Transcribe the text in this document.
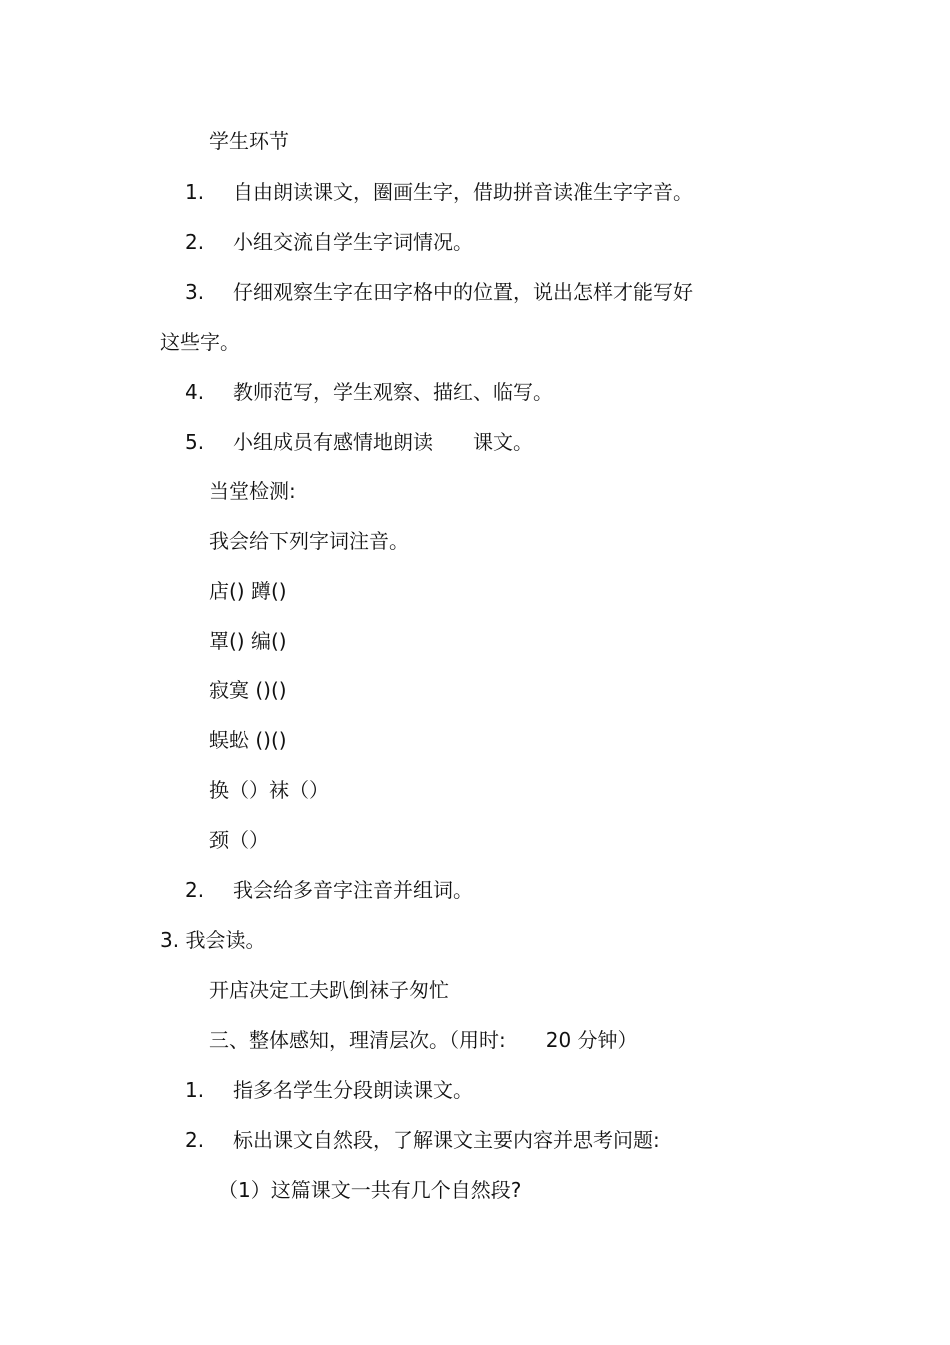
学生环节
1. 自由朗读课文，圈画生字，借助拼音读准生字字音。
2. 小组交流自学生字词情况。
3. 仔细观察生字在田字格中的位置，说出怎样才能写好
这些字。
4. 教师范写，学生观察、描红、临写。
5. 小组成员有感情地朗读　　课文。
当堂检测:
我会给下列字词注音。
店() 蹲()
罩() 编()
寂寞 ()()
蜈蚣 ()()
换（）袜（）
颈（）
2. 我会给多音字注音并组词。
3. 我会读。
开店决定工夫趴倒袜子匆忙
三、整体感知，理清层次。（用时:　　20 分钟）
1. 指多名学生分段朗读课文。
2. 标出课文自然段，了解课文主要内容并思考问题:
（1）这篇课文一共有几个自然段?
